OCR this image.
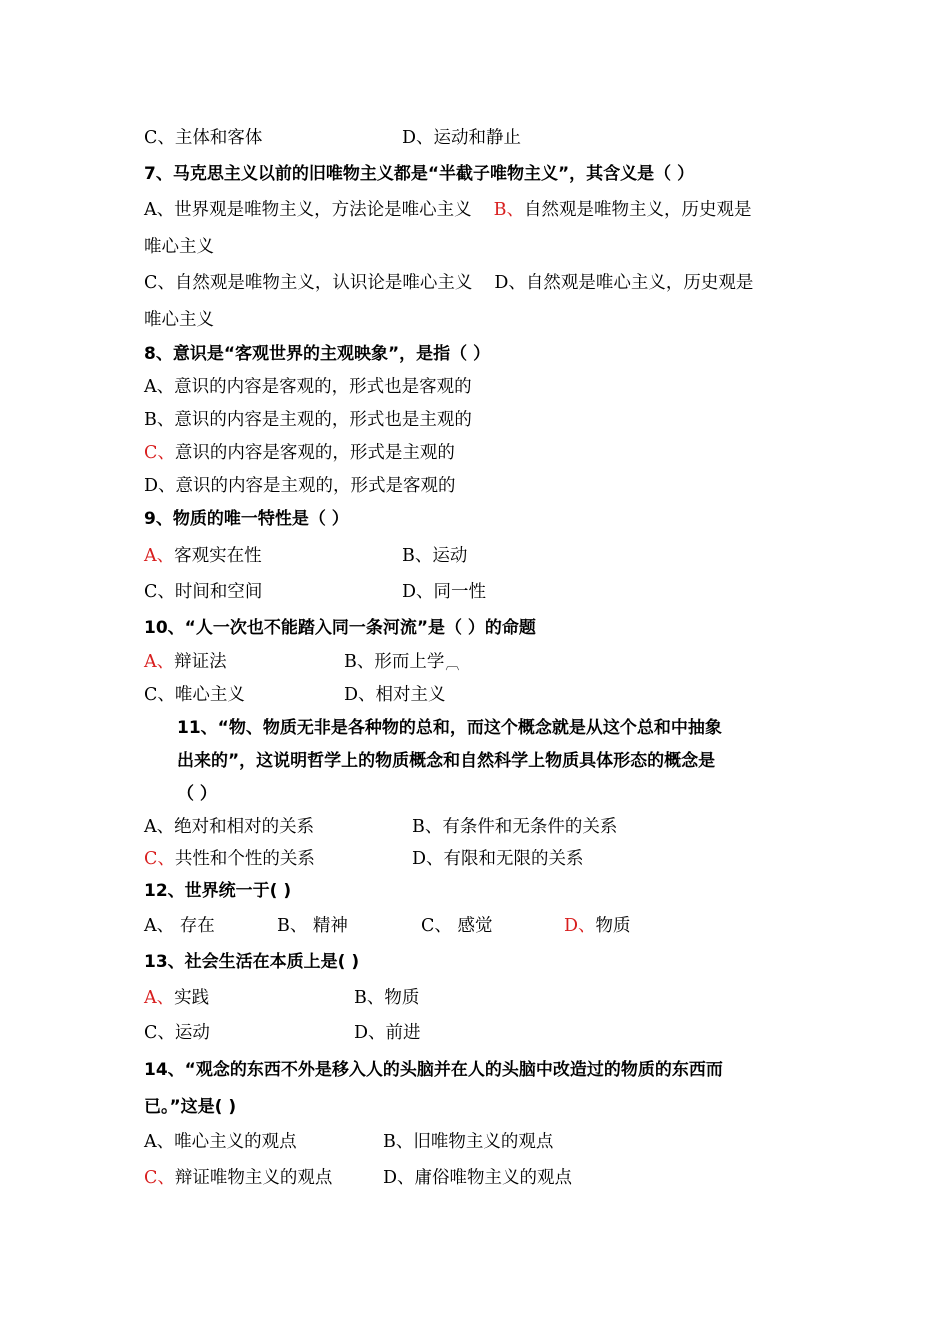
C、主体和客体	D、运动和静止
7、马克思主义以前的旧唯物主义都是“半截子唯物主义”，其含义是（ ）
A、世界观是唯物主义，方法论是唯心主义 B、自然观是唯物主义，历史观是
唯心主义
C、自然观是唯物主义，认识论是唯心主义 D、自然观是唯心主义，历史观是
唯心主义
8、意识是“客观世界的主观映象”，是指（ ）
A、意识的内容是客观的，形式也是客观的
B、意识的内容是主观的，形式也是主观的
C、意识的内容是客观的，形式是主观的
D、意识的内容是主观的，形式是客观的
9、物质的唯一特性是（ ）
A、客观实在性	B、运动
C、时间和空间	D、同一性
10、“人一次也不能踏入同一条河流”是（ ）的命题
A、辩证法	B、形而上学︹
C、唯心主义	D、相对主义
11、“物、物质无非是各种物的总和，而这个概念就是从这个总和中抽象
出来的”，这说明哲学上的物质概念和自然科学上物质具体形态的概念是
（ ）
A、绝对和相对的关系	B、有条件和无条件的关系
C、共性和个性的关系	D、有限和无限的关系
12、世界统一于( )
A、 存在	B、 精神	C、 感觉	D、物质
13、社会生活在本质上是( )
A、实践	B、物质
C、运动	D、前进
14、“观念的东西不外是移入人的头脑并在人的头脑中改造过的物质的东西而
已。”这是( )
A、唯心主义的观点	B、旧唯物主义的观点
C、辩证唯物主义的观点	D、庸俗唯物主义的观点
